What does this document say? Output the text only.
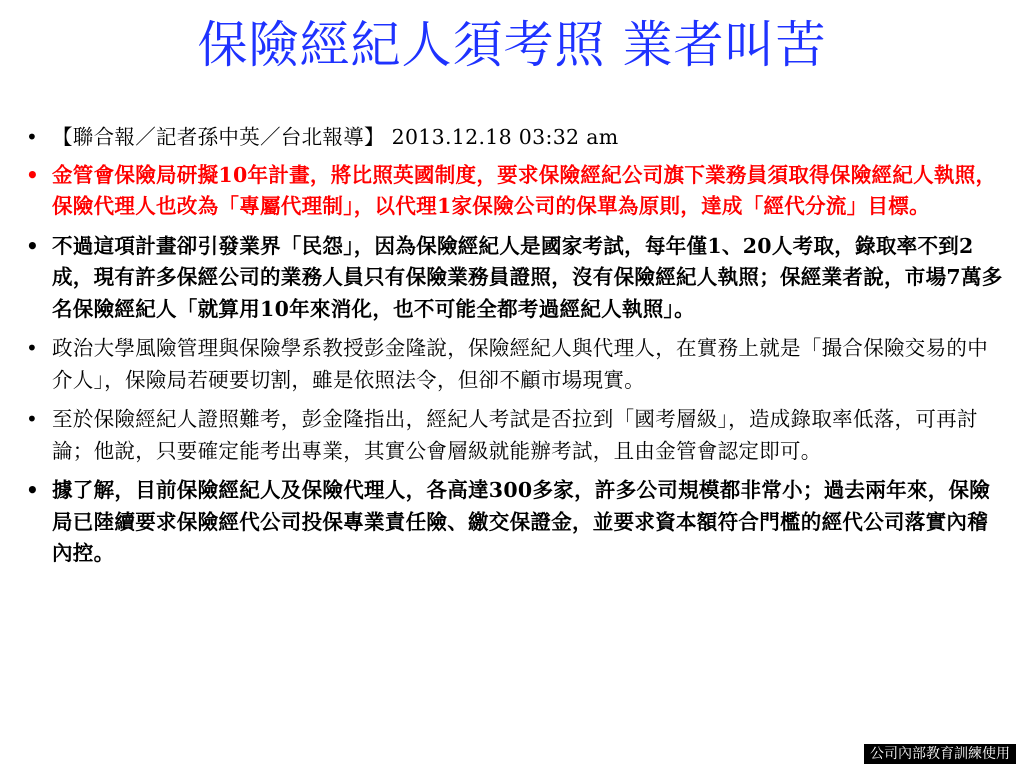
保險經紀人須考照 業者叫苦
• 【聯合報／記者孫中英／台北報導】 2013.12.18 03:32 am
• 金管會保險局研擬10年計畫，將比照英國制度，要求保險經紀公司旗下業務員須取得保險經紀人執照，保險代理人也改為「專屬代理制」，以代理1家保險公司的保單為原則，達成「經代分流」目標。
• 不過這項計畫卻引發業界「民怨」，因為保險經紀人是國家考試，每年僅1、20人考取，錄取率不到2成，現有許多保經公司的業務人員只有保險業務員證照，沒有保險經紀人執照；保經業者說，市場7萬多名保險經紀人「就算用10年來消化，也不可能全都考過經紀人執照」。
• 政治大學風險管理與保險學系教授彭金隆說，保險經紀人與代理人，在實務上就是「撮合保險交易的中介人」，保險局若硬要切割，雖是依照法令，但卻不顧市場現實。
• 至於保險經紀人證照難考，彭金隆指出，經紀人考試是否拉到「國考層級」，造成錄取率低落，可再討論；他說，只要確定能考出專業，其實公會層級就能辦考試，且由金管會認定即可。
• 據了解，目前保險經紀人及保險代理人，各高達300多家，許多公司規模都非常小；過去兩年來，保險局已陸續要求保險經代公司投保專業責任險、繳交保證金，並要求資本額符合門檻的經代公司落實內稽內控。
公司內部教育訓練使用
